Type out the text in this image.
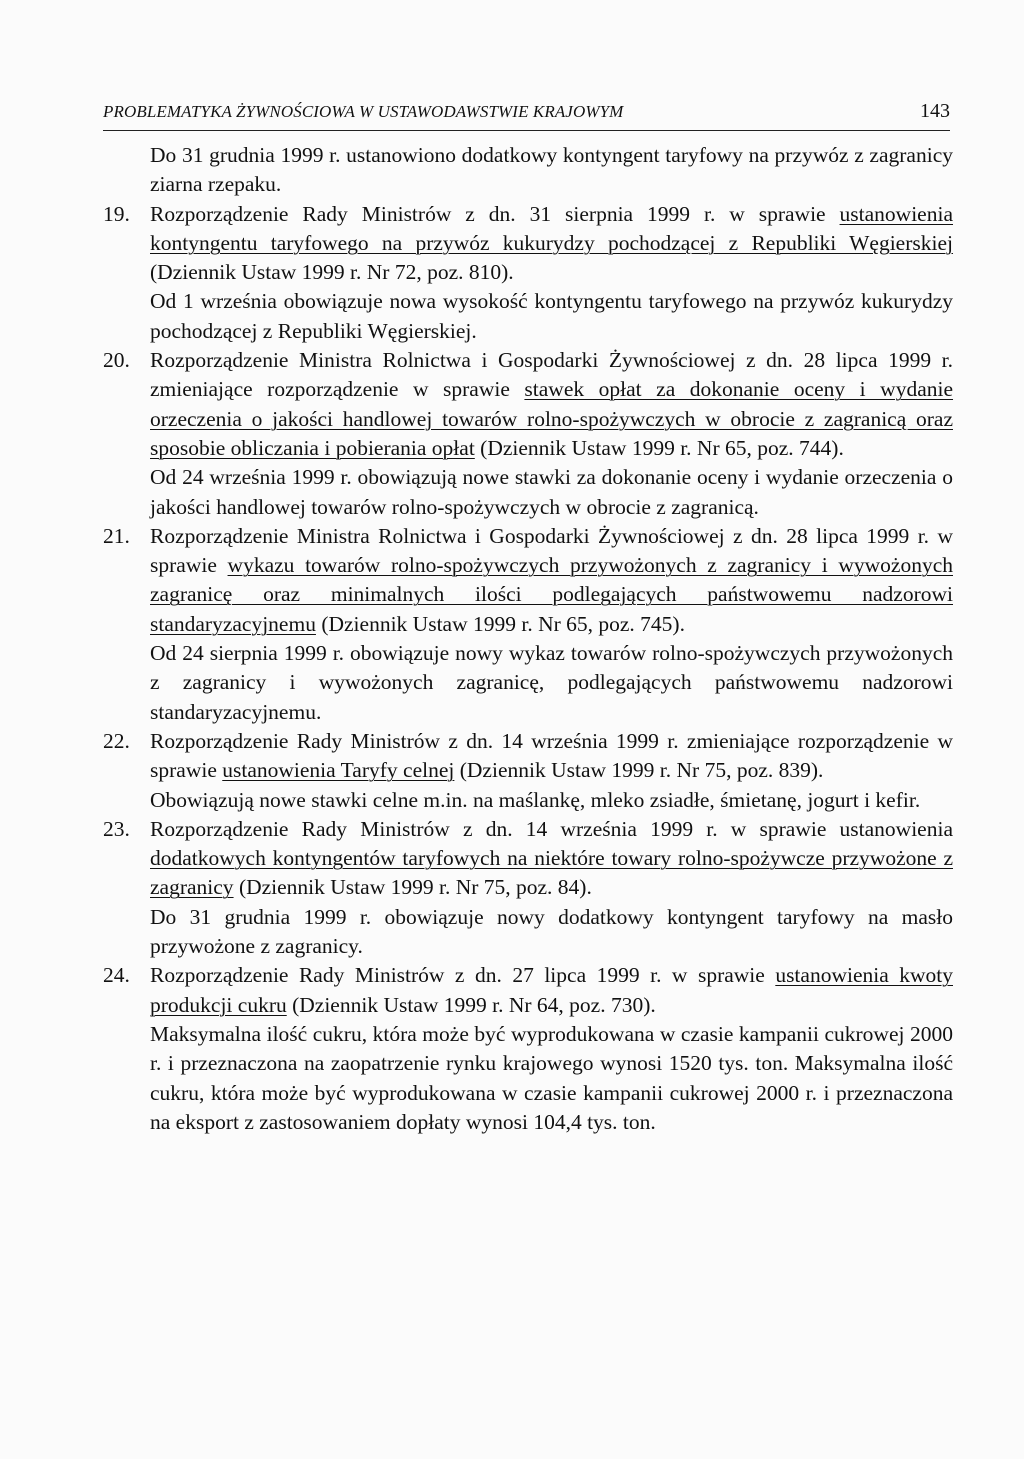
PROBLEMATYKA ŻYWNOŚCIOWA W USTAWODAWSTWIE KRAJOWYM	143

Do 31 grudnia 1999 r. ustanowiono dodatkowy kontyngent taryfowy na przywóz z zagranicy ziarna rzepaku.

19. Rozporządzenie Rady Ministrów z dn. 31 sierpnia 1999 r. w sprawie ustanowienia kontyngentu taryfowego na przywóz kukurydzy pochodzącej z Republiki Węgierskiej (Dziennik Ustaw 1999 r. Nr 72, poz. 810).
Od 1 września obowiązuje nowa wysokość kontyngentu taryfowego na przywóz kukurydzy pochodzącej z Republiki Węgierskiej.
20. Rozporządzenie Ministra Rolnictwa i Gospodarki Żywnościowej z dn. 28 lipca 1999 r. zmieniające rozporządzenie w sprawie stawek opłat za dokonanie oceny i wydanie orzeczenia o jakości handlowej towarów rolno-spożywczych w obrocie z zagranicą oraz sposobie obliczania i pobierania opłat (Dziennik Ustaw 1999 r. Nr 65, poz. 744).
Od 24 września 1999 r. obowiązują nowe stawki za dokonanie oceny i wydanie orzeczenia o jakości handlowej towarów rolno-spożywczych w obrocie z zagranicą.
21. Rozporządzenie Ministra Rolnictwa i Gospodarki Żywnościowej z dn. 28 lipca 1999 r. w sprawie wykazu towarów rolno-spożywczych przywożonych z zagranicy i wywożonych zagranicę oraz minimalnych ilości podlegających państwowemu nadzorowi standaryzacyjnemu (Dziennik Ustaw 1999 r. Nr 65, poz. 745).
Od 24 sierpnia 1999 r. obowiązuje nowy wykaz towarów rolno-spożywczych przywożonych z zagranicy i wywożonych zagranicę, podlegających państwowemu nadzorowi standaryzacyjnemu.
22. Rozporządzenie Rady Ministrów z dn. 14 września 1999 r. zmieniające rozporządzenie w sprawie ustanowienia Taryfy celnej (Dziennik Ustaw 1999 r. Nr 75, poz. 839).
Obowiązują nowe stawki celne m.in. na maślankę, mleko zsiadłe, śmietanę, jogurt i kefir.
23. Rozporządzenie Rady Ministrów z dn. 14 września 1999 r. w sprawie ustanowienia dodatkowych kontyngentów taryfowych na niektóre towary rolno-spożywcze przywożone z zagranicy (Dziennik Ustaw 1999 r. Nr 75, poz. 84).
Do 31 grudnia 1999 r. obowiązuje nowy dodatkowy kontyngent taryfowy na masło przywożone z zagranicy.
24. Rozporządzenie Rady Ministrów z dn. 27 lipca 1999 r. w sprawie ustanowienia kwoty produkcji cukru (Dziennik Ustaw 1999 r. Nr 64, poz. 730).
Maksymalna ilość cukru, która może być wyprodukowana w czasie kampanii cukrowej 2000 r. i przeznaczona na zaopatrzenie rynku krajowego wynosi 1520 tys. ton. Maksymalna ilość cukru, która może być wyprodukowana w czasie kampanii cukrowej 2000 r. i przeznaczona na eksport z zastosowaniem dopłaty wynosi 104,4 tys. ton.
